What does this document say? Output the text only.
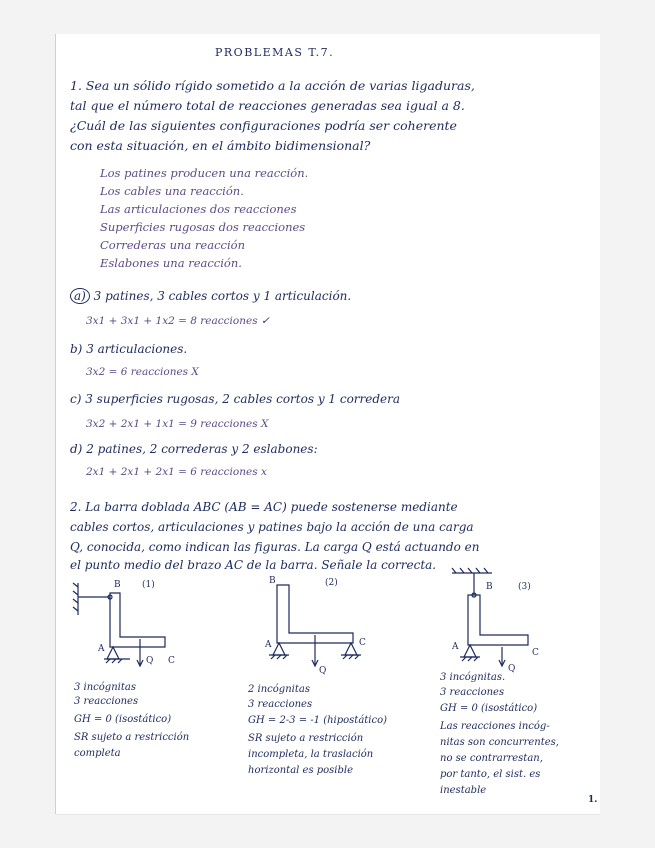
PROBLEMAS T.7.
1. Sea un sólido rígido sometido a la acción de varias ligaduras,
tal que el número total de reacciones generadas sea igual a 8.
¿Cuál de las siguientes configuraciones podría ser coherente
con esta situación, en el ámbito bidimensional?
Los patines producen una reacción.
Los cables una reacción.
Las articulaciones dos reacciones
Superficies rugosas dos reacciones
Correderas una reacción
Eslabones una reacción.
a) 3 patines, 3 cables cortos y 1 articulación.
3x1 + 3x1 + 1x2 = 8 reacciones ✓
b) 3 articulaciones.
3x2 = 6 reacciones X
c) 3 superficies rugosas, 2 cables cortos y 1 corredera
3x2 + 2x1 + 1x1 = 9 reacciones X
d) 2 patines, 2 correderas y 2 eslabones:
2x1 + 2x1 + 2x1 = 6 reacciones x
2. La barra doblada ABC (AB = AC) puede sostenerse mediante
cables cortos, articulaciones y patines bajo la acción de una carga
Q, conocida, como indican las figuras. La carga Q está actuando en
el punto medio del brazo AC de la barra. Señale la correcta.
B (1)
A
C
Q
B	(2)
A	C
Q
B	(3)
A
C
Q
3 incógnitas
3 reacciones
GH = 0 (isostático)
SR sujeto a restricción
completa
2 incógnitas
3 reacciones
GH = 2-3 = -1 (hipostático)
SR sujeto a restricción
incompleta, la traslación
horizontal es posible
3 incógnitas.
3 reacciones
GH = 0 (isostático)
Las reacciones incóg-
nitas son concurrentes,
no se contrarrestan,
por tanto, el sist. es
inestable
1.
